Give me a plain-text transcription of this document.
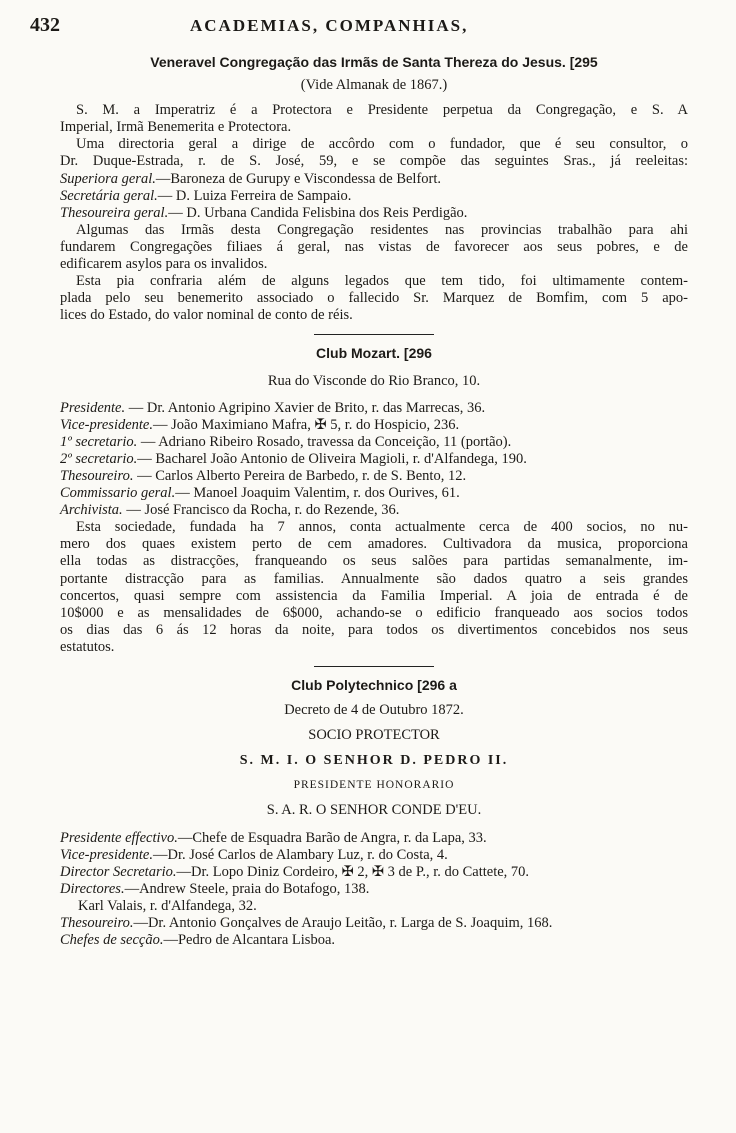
432	ACADEMIAS, COMPANHIAS,

Veneravel Congregação das Irmãs de Santa Thereza do Jesus. [295

(Vide Almanak de 1867.)

S. M. a Imperatriz é a Protectora e Presidente perpetua da Congregação, e S. A

Imperial, Irmã Benemerita e Protectora.

Uma directoria geral a dirige de accôrdo com o fundador, que é seu consultor, o

Dr. Duque-Estrada, r. de S. José, 59, e se compõe das seguintes Sras., já reeleitas:

Superiora geral.—Baroneza de Gurupy e Viscondessa de Belfort.

Secretária geral.— D. Luiza Ferreira de Sampaio.

Thesoureira geral.— D. Urbana Candida Felisbina dos Reis Perdigão.

Algumas das Irmãs desta Congregação residentes nas provincias trabalhão para ahi

fundarem Congregações filiaes á geral, nas vistas de favorecer aos seus pobres, e de

edificarem asylos para os invalidos.

Esta pia confraria além de alguns legados que tem tido, foi ultimamente contem-

plada pelo seu benemerito associado o fallecido Sr. Marquez de Bomfim, com 5 apo-

lices do Estado, do valor nominal de conto de réis.

Club Mozart. [296

Rua do Visconde do Rio Branco, 10.

Presidente. — Dr. Antonio Agripino Xavier de Brito, r. das Marrecas, 36.

Vice-presidente.— João Maximiano Mafra, ✠ 5, r. do Hospicio, 236.

1º secretario. — Adriano Ribeiro Rosado, travessa da Conceição, 11 (portão).

2º secretario.— Bacharel João Antonio de Oliveira Magioli, r. d'Alfandega, 190.

Thesoureiro. — Carlos Alberto Pereira de Barbedo, r. de S. Bento, 12.

Commissario geral.— Manoel Joaquim Valentim, r. dos Ourives, 61.

Archivista. — José Francisco da Rocha, r. do Rezende, 36.

Esta sociedade, fundada ha 7 annos, conta actualmente cerca de 400 socios, no nu-

mero dos quaes existem perto de cem amadores. Cultivadora da musica, proporciona

ella todas as distracções, franqueando os seus salões para partidas semanalmente, im-

portante distracção para as familias. Annualmente são dados quatro a seis grandes

concertos, quasi sempre com assistencia da Familia Imperial. A joia de entrada é de

10$000 e as mensalidades de 6$000, achando-se o edificio franqueado aos socios todos

os dias das 6 ás 12 horas da noite, para todos os divertimentos concebidos nos seus

estatutos.

Club Polytechnico [296 a

Decreto de 4 de Outubro 1872.

SOCIO PROTECTOR

S. M. I. O SENHOR D. PEDRO II.

PRESIDENTE HONORARIO

S. A. R. O SENHOR CONDE D'EU.

Presidente effectivo.—Chefe de Esquadra Barão de Angra, r. da Lapa, 33.

Vice-presidente.—Dr. José Carlos de Alambary Luz, r. do Costa, 4.

Director Secretario.—Dr. Lopo Diniz Cordeiro, ✠ 2, ✠ 3 de P., r. do Cattete, 70.

Directores.—Andrew Steele, praia do Botafogo, 138.

Karl Valais, r. d'Alfandega, 32.

Thesoureiro.—Dr. Antonio Gonçalves de Araujo Leitão, r. Larga de S. Joaquim, 168.

Chefes de secção.—Pedro de Alcantara Lisboa.
